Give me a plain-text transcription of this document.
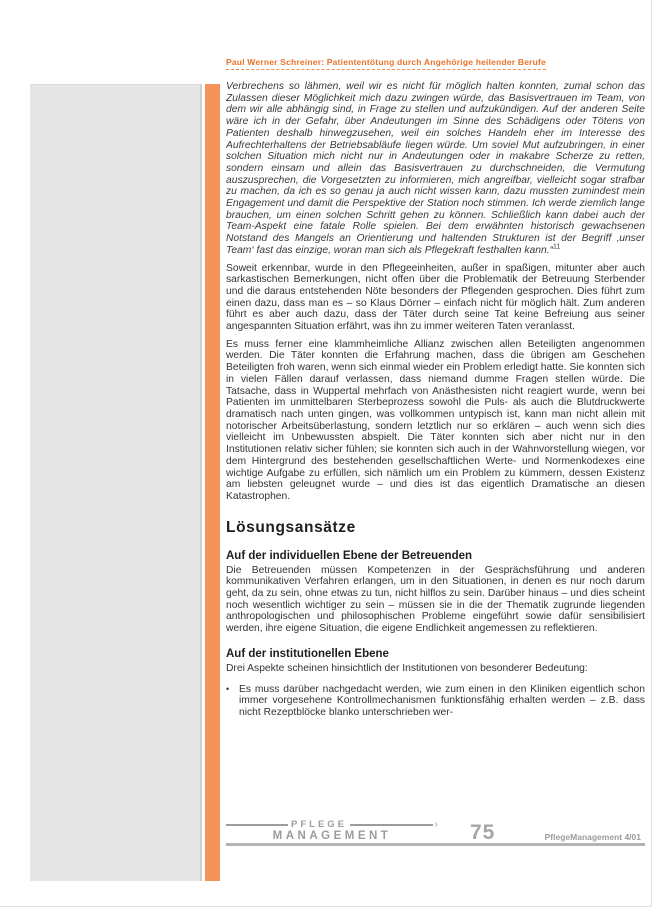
Paul Werner Schreiner: Patiententötung durch Angehörige heilender Berufe

Verbrechens so lähmen, weil wir es nicht für möglich halten konnten, zumal schon das Zulassen dieser Möglichkeit mich dazu zwingen würde, das Basisvertrauen im Team, von dem wir alle abhängig sind, in Frage zu stellen und aufzukündigen. Auf der anderen Seite wäre ich in der Gefahr, über Andeutungen im Sinne des Schädigens oder Tötens von Patienten deshalb hinwegzusehen, weil ein solches Handeln eher im Interesse des Aufrechterhaltens der Betriebsabläufe liegen würde. Um soviel Mut aufzubringen, in einer solchen Situation mich nicht nur in Andeutungen oder in makabre Scherze zu retten, sondern einsam und allein das Basisvertrauen zu durchschneiden, die Vermutung auszusprechen, die Vorgesetzten zu informieren, mich angreifbar, vielleicht sogar strafbar zu machen, da ich es so genau ja auch nicht wissen kann, dazu mussten zumindest mein Engagement und damit die Perspektive der Station noch stimmen. Ich werde ziemlich lange brauchen, um einen solchen Schritt gehen zu können. Schließlich kann dabei auch der Team-Aspekt eine fatale Rolle spielen. Bei dem erwähnten historisch gewachsenen Notstand des Mangels an Orientierung und haltenden Strukturen ist der Begriff ‚unser Team‘ fast das einzige, woran man sich als Pflegekraft festhalten kann.“$^{11}$

Soweit erkennbar, wurde in den Pflegeeinheiten, außer in spaßigen, mitunter aber auch sarkastischen Bemerkungen, nicht offen über die Problematik der Betreuung Sterbender und die daraus entstehenden Nöte besonders der Pflegenden gesprochen. Dies führt zum einen dazu, dass man es – so Klaus Dörner – einfach nicht für möglich hält. Zum anderen führt es aber auch dazu, dass der Täter durch seine Tat keine Befreiung aus seiner angespannten Situation erfährt, was ihn zu immer weiteren Taten veranlasst.

Es muss ferner eine klammheimliche Allianz zwischen allen Beteiligten angenommen werden. Die Täter konnten die Erfahrung machen, dass die übrigen am Geschehen Beteiligten froh waren, wenn sich einmal wieder ein Problem erledigt hatte. Sie konnten sich in vielen Fällen darauf verlassen, dass niemand dumme Fragen stellen würde. Die Tatsache, dass in Wuppertal mehrfach von Anästhesisten nicht reagiert wurde, wenn bei Patienten im unmittelbaren Sterbeprozess sowohl die Puls- als auch die Blutdruckwerte dramatisch nach unten gingen, was vollkommen untypisch ist, kann man nicht allein mit notorischer Arbeitsüberlastung, sondern letztlich nur so erklären – auch wenn sich dies vielleicht im Unbewussten abspielt. Die Täter konnten sich aber nicht nur in den Institutionen relativ sicher fühlen; sie konnten sich auch in der Wahnvorstellung wiegen, vor dem Hintergrund des bestehenden gesellschaftlichen Werte- und Normenkodexes eine wichtige Aufgabe zu erfüllen, sich nämlich um ein Problem zu kümmern, dessen Existenz am liebsten geleugnet wurde – und dies ist das eigentlich Dramatische an diesen Katastrophen.

Lösungsansätze
Auf der individuellen Ebene der Betreuenden

Die Betreuenden müssen Kompetenzen in der Gesprächsführung und anderen kommunikativen Verfahren erlangen, um in den Situationen, in denen es nur noch darum geht, da zu sein, ohne etwas zu tun, nicht hilflos zu sein. Darüber hinaus – und dies scheint noch wesentlich wichtiger zu sein – müssen sie in die der Thematik zugrunde liegenden anthropologischen und philosophischen Probleme eingeführt sowie dafür sensibilisiert werden, ihre eigene Situation, die eigene Endlichkeit angemessen zu reflektieren.

Auf der institutionellen Ebene

Drei Aspekte scheinen hinsichtlich der Institutionen von besonderer Bedeutung:

• Es muss darüber nachgedacht werden, wie zum einen in den Kliniken eigentlich schon immer vorgesehene Kontrollmechanismen funktionsfähig erhalten werden – z.B. dass nicht Rezeptblöcke blanko unterschrieben wer-

PFLEGE	›
MANAGEMENT	75	PflegeManagement 4/01
